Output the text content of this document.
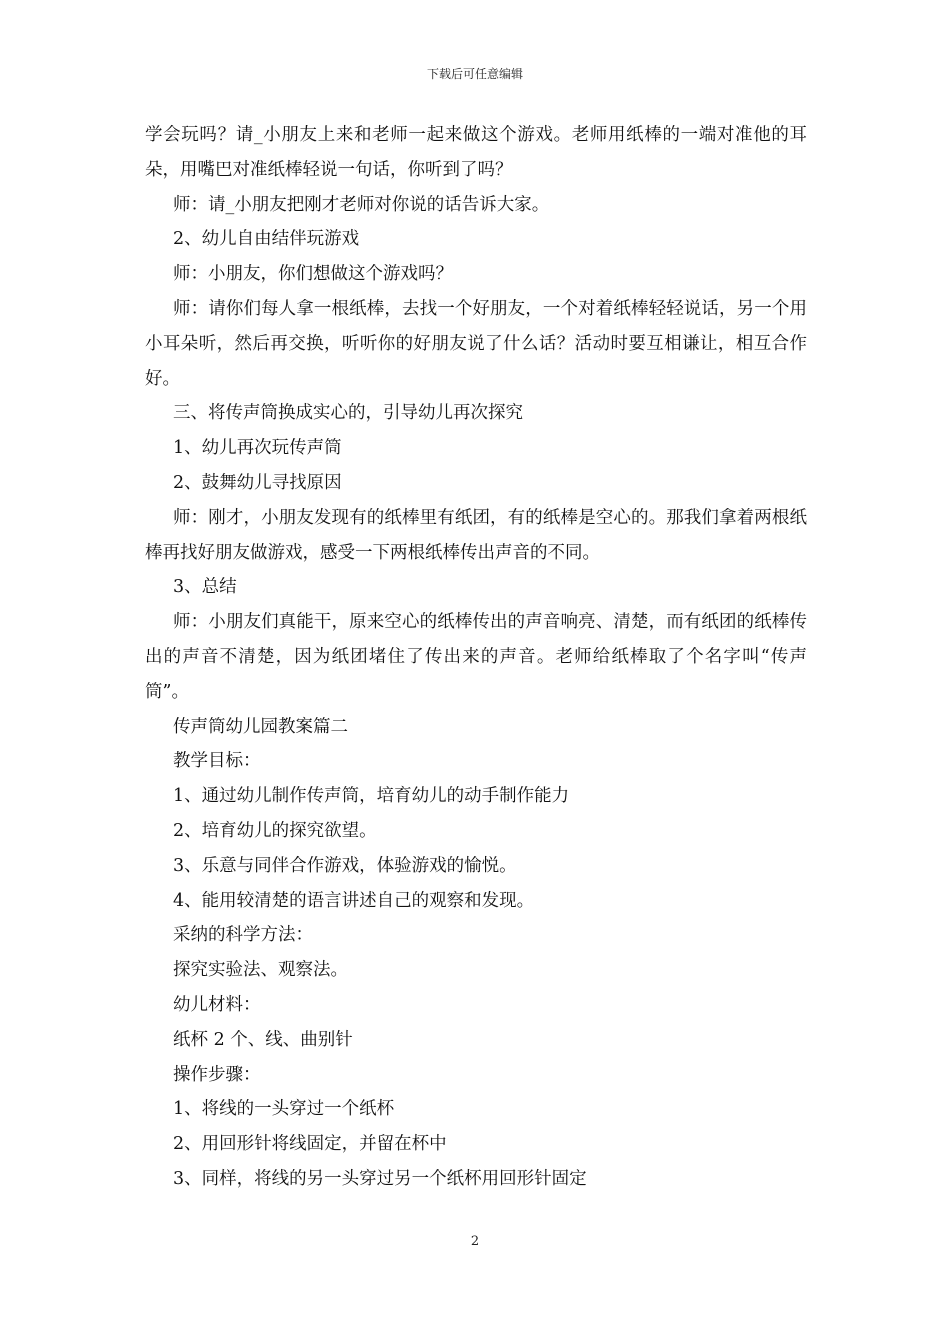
下载后可任意编辑

学会玩吗？请_小朋友上来和老师一起来做这个游戏。老师用纸棒的一端对准他的耳朵，用嘴巴对准纸棒轻说一句话，你听到了吗？

师：请_小朋友把刚才老师对你说的话告诉大家。

2、幼儿自由结伴玩游戏

师：小朋友，你们想做这个游戏吗？

师：请你们每人拿一根纸棒，去找一个好朋友，一个对着纸棒轻轻说话，另一个用小耳朵听，然后再交换，听听你的好朋友说了什么话？活动时要互相谦让，相互合作好。

三、将传声筒换成实心的，引导幼儿再次探究

1、幼儿再次玩传声筒

2、鼓舞幼儿寻找原因

师：刚才，小朋友发现有的纸棒里有纸团，有的纸棒是空心的。那我们拿着两根纸棒再找好朋友做游戏，感受一下两根纸棒传出声音的不同。

3、总结

师：小朋友们真能干，原来空心的纸棒传出的声音响亮、清楚，而有纸团的纸棒传出的声音不清楚，因为纸团堵住了传出来的声音。老师给纸棒取了个名字叫“传声筒”。

传声筒幼儿园教案篇二

教学目标：

1、通过幼儿制作传声筒，培育幼儿的动手制作能力

2、培育幼儿的探究欲望。

3、乐意与同伴合作游戏，体验游戏的愉悦。

4、能用较清楚的语言讲述自己的观察和发现。

采纳的科学方法：

探究实验法、观察法。

幼儿材料：

纸杯 2 个、线、曲别针

操作步骤：

1、将线的一头穿过一个纸杯

2、用回形针将线固定，并留在杯中

3、同样，将线的另一头穿过另一个纸杯用回形针固定

2
